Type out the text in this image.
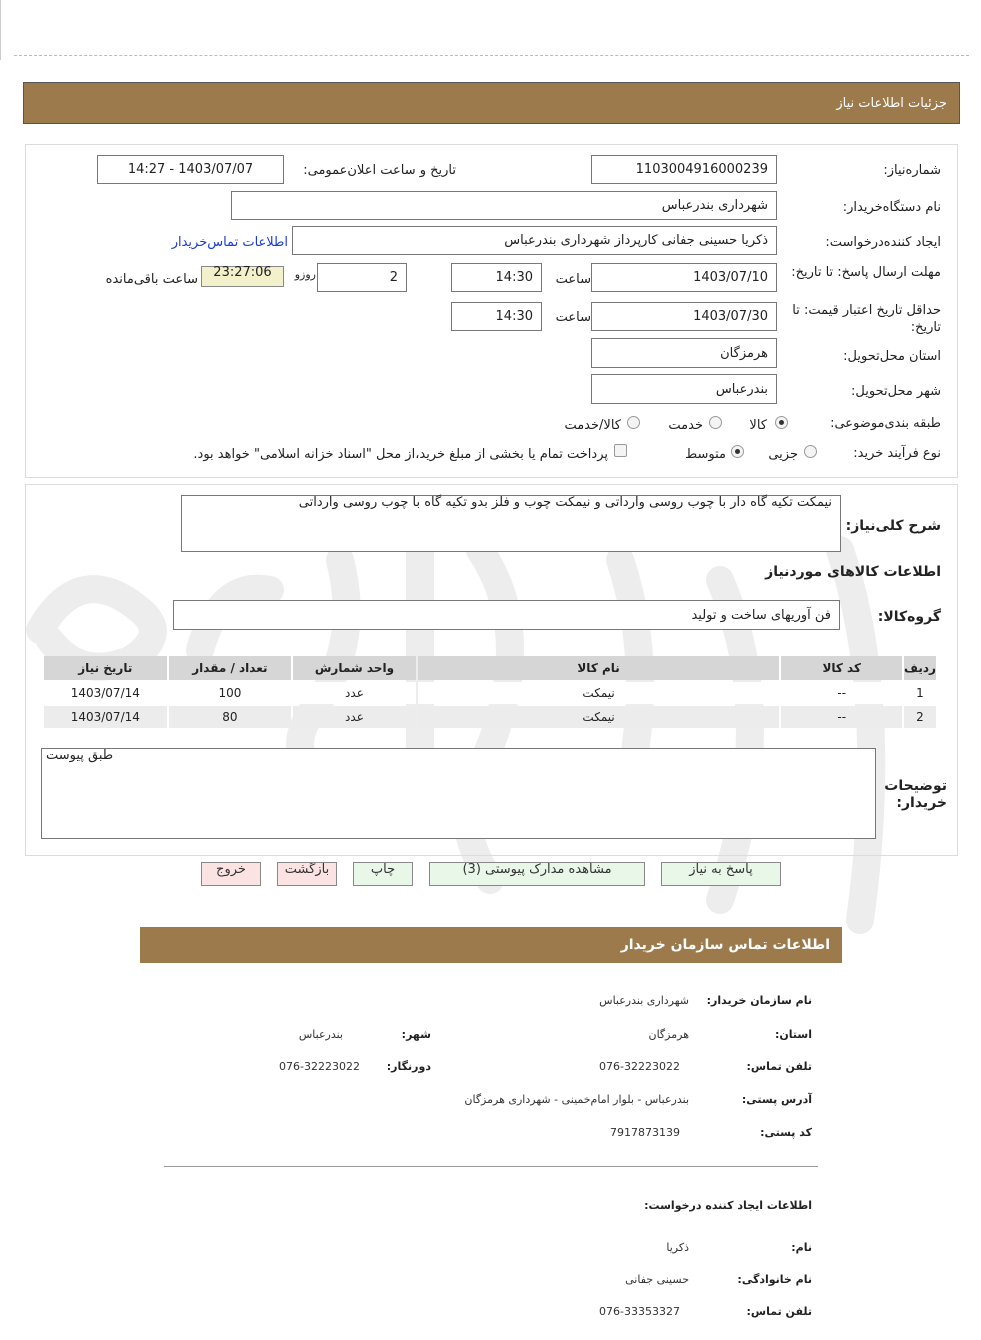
جزئیات اطلاعات نیاز
شماره‌نیاز:
1103004916000239
تاریخ و ساعت اعلان‌عمومی:
1403/07/07 - 14:27
نام دستگاه‌خریدار:
شهرداری بندرعباس
ایجاد کننده‌درخواست:
ذکریا حسینی جفانی کارپرداز شهرداری بندرعباس
اطلاعات تماس‌خریدار
مهلت ارسال پاسخ: تا تاریخ:
1403/07/10
ساعت
14:30
2
روزو
23:27:06
ساعت باقی‌مانده
حداقل تاریخ اعتبار قیمت: تا تاریخ:
1403/07/30
ساعت
14:30
استان محل‌تحویل:
هرمزگان
شهر محل‌تحویل:
بندرعباس
طبقه بندی‌موضوعی:
کالا
خدمت
کالا/خدمت
نوع فرآیند خرید:
جزیی
متوسط
پرداخت تمام یا بخشی از مبلغ خرید،از محل "اسناد خزانه اسلامی" خواهد بود.
شرح کلی‌نیاز:
نیمکت تکیه گاه دار با چوب روسی وارداتی و نیمکت چوب و فلز بدو تکیه گاه با چوب روسی وارداتی
اطلاعات کالاهای مورد‌نیاز
گروه‌کالا:
فن آوریهای ساخت و تولید
ردیف	کد کالا	نام کالا	واحد شمارش	تعداد / مقدار	تاریخ نیاز
1	--	نیمکت	عدد	100	1403/07/14
2	--	نیمکت	عدد	80	1403/07/14
توضیحات خریدار:
طبق پیوست
پاسخ به نیاز
مشاهده مدارک پیوستی (3)
چاپ
بازگشت
خروج
اطلاعات تماس سازمان خریدار
نام سازمان خریدار:
شهرداری بندرعباس
استان:
هرمزگان
شهر:
بندرعباس
تلفن تماس:
076-32223022
دورنگار:
076-32223022
آدرس پستی:
بندرعباس - بلوار امام‌خمینی - شهرداری هرمزگان
کد پستی:
7917873139
اطلاعات ایجاد کننده درخواست:
نام:
ذکریا
نام خانوادگی:
حسینی جفانی
تلفن تماس:
076-33353327
